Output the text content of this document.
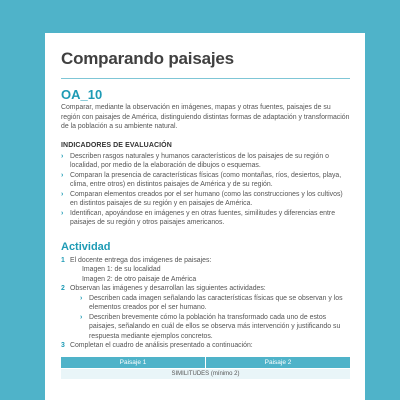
Comparando paisajes
OA_10

Comparar, mediante la observación en imágenes, mapas y otras fuentes, paisajes de su región con paisajes de América, distinguiendo distintas formas de adaptación y transformación de la población a su ambiente natural.

INDICADORES DE EVALUACIÓN
› Describen rasgos naturales y humanos característicos de los paisajes de su región o localidad, por medio de la elaboración de dibujos o esquemas.
› Comparan la presencia de características físicas (como montañas, ríos, desiertos, playa, clima, entre otros) en distintos paisajes de América y de su región.
› Comparan elementos creados por el ser humano (como las construcciones y los cultivos) en distintos paisajes de su región y en paisajes de América.
› Identifican, apoyándose en imágenes y en otras fuentes, similitudes y diferencias entre paisajes de su región y otros paisajes americanos.
Actividad
1 El docente entrega dos imágenes de paisajes:
Imagen 1: de su localidad
Imagen 2: de otro paisaje de América
2 Observan las imágenes y desarrollan las siguientes actividades:
› Describen cada imagen señalando las características físicas que se observan y los elementos creados por el ser humano.
› Describen brevemente cómo la población ha transformado cada uno de estos paisajes, señalando en cuál de ellos se observa más intervención y justificando su respuesta mediante ejemplos concretos.
3 Completan el cuadro de análisis presentado a continuación:
Paisaje 1	Paisaje 2
SIMILITUDES (mínimo 2)
